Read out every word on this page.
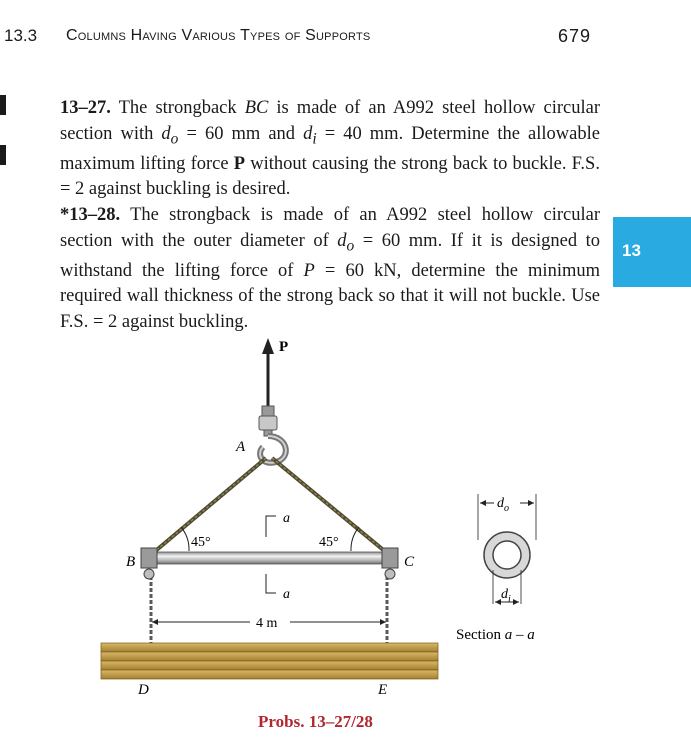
13.3 Columns Having Various Types of Supports	679
13
13–27. The strongback BC is made of an A992 steel hollow circular section with $d_o = 60$ mm and $d_i = 40$ mm. Determine the allowable maximum lifting force P without causing the strong back to buckle. F.S. = 2 against buckling is desired.
*13–28. The strongback is made of an A992 steel hollow circular section with the outer diameter of $d_o = 60$ mm. If it is designed to withstand the lifting force of P = 60 kN, determine the minimum required wall thickness of the strong back so that it will not buckle. Use F.S. = 2 against buckling.
P
A
B	C
45°	45°
a
a
4 m
D	E
$d_o$
$d_i$
Section a – a
Probs. 13–27/28
